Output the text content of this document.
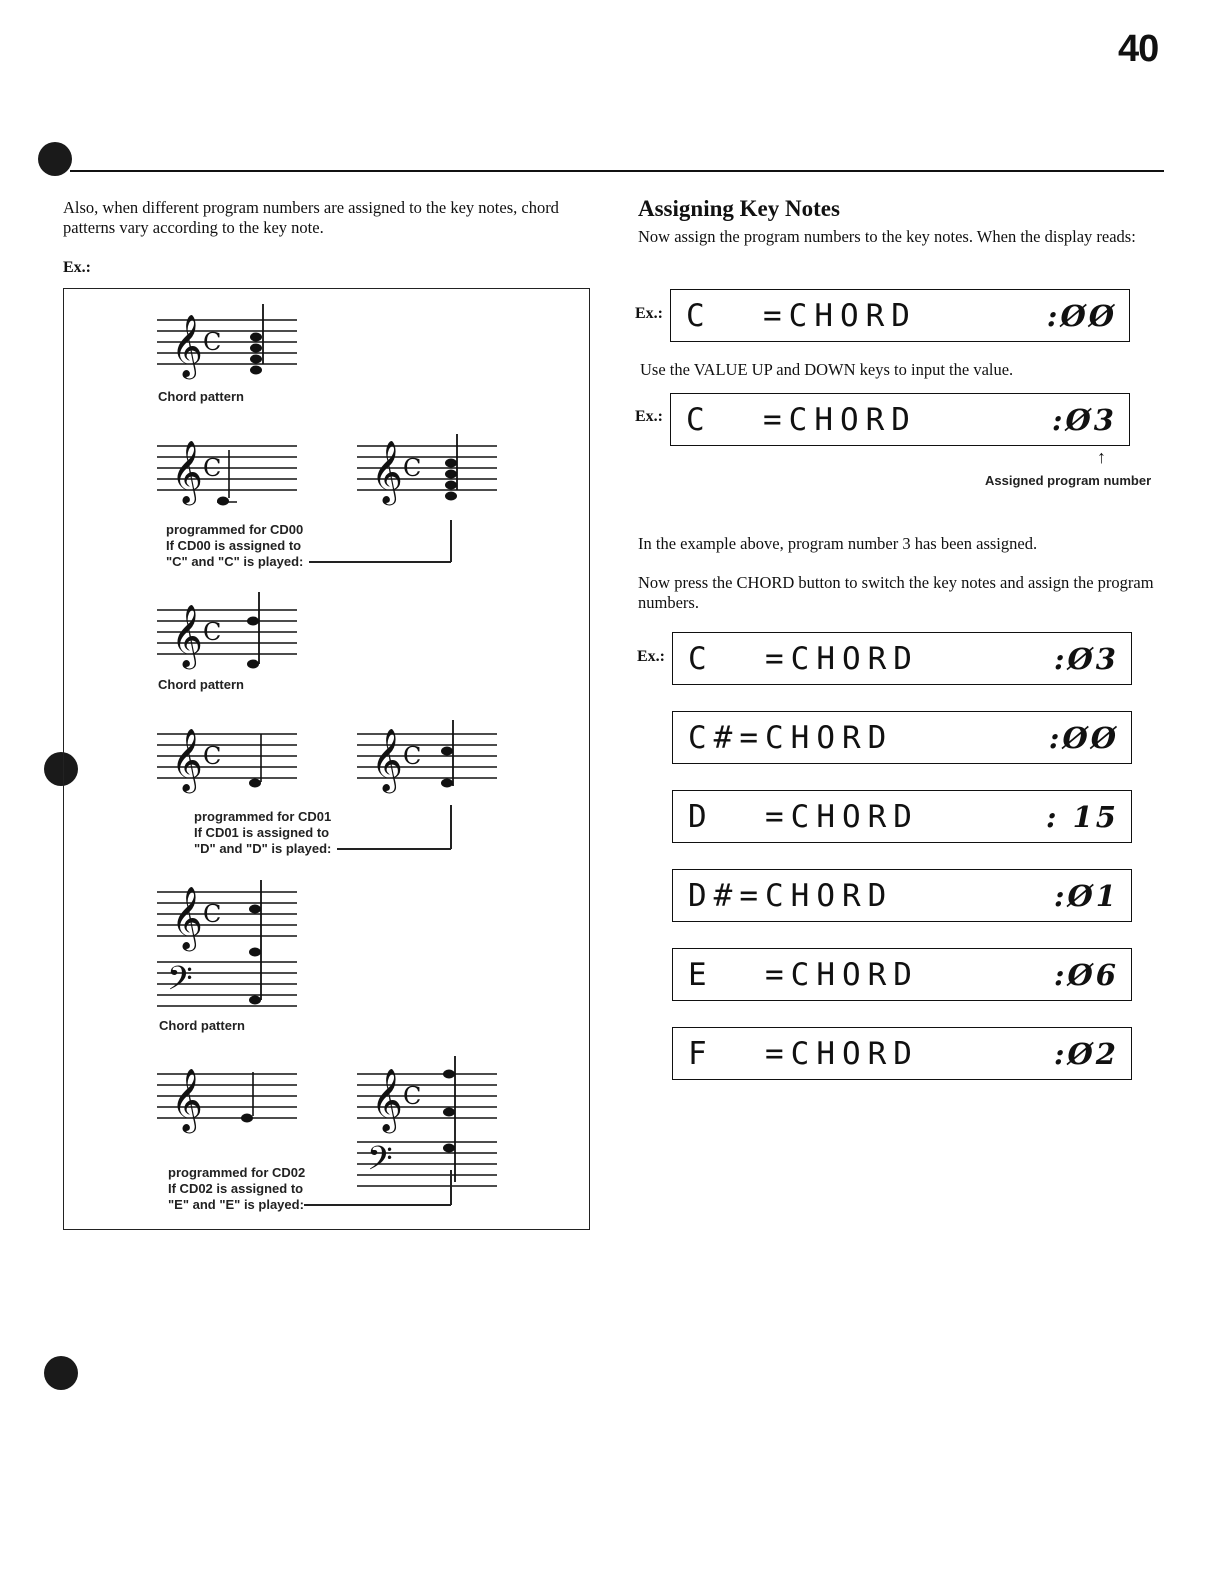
40
Also, when different program numbers are assigned to the key notes, chord patterns vary according to the key note.
Ex.:
𝄞 C
Chord pattern
𝄞 C	𝄞 C
programmed for CD00
If CD00 is assigned to
"C" and "C" is played:
𝄞 C
Chord pattern
𝄞 C	𝄞 C
programmed for CD01
If CD01 is assigned to
"D" and "D" is played:
𝄞 C
𝄢
Chord pattern
𝄞	𝄞 C
𝄢
programmed for CD02
If CD02 is assigned to
"E" and "E" is played:
Assigning Key Notes
Now assign the program numbers to the key notes. When the display reads:
Ex.: C  =CHORD	:ØØ
Use the VALUE UP and DOWN keys to input the value.
Ex.: C  =CHORD	:Ø3
↑
Assigned program number
In the example above, program number 3 has been assigned.
Now press the CHORD button to switch the key notes and assign the program numbers.
Ex.: C  =CHORD	:Ø3
C#=CHORD	:ØØ
D  =CHORD	: 15
D#=CHORD	:Ø1
E  =CHORD	:Ø6
F  =CHORD	:Ø2
